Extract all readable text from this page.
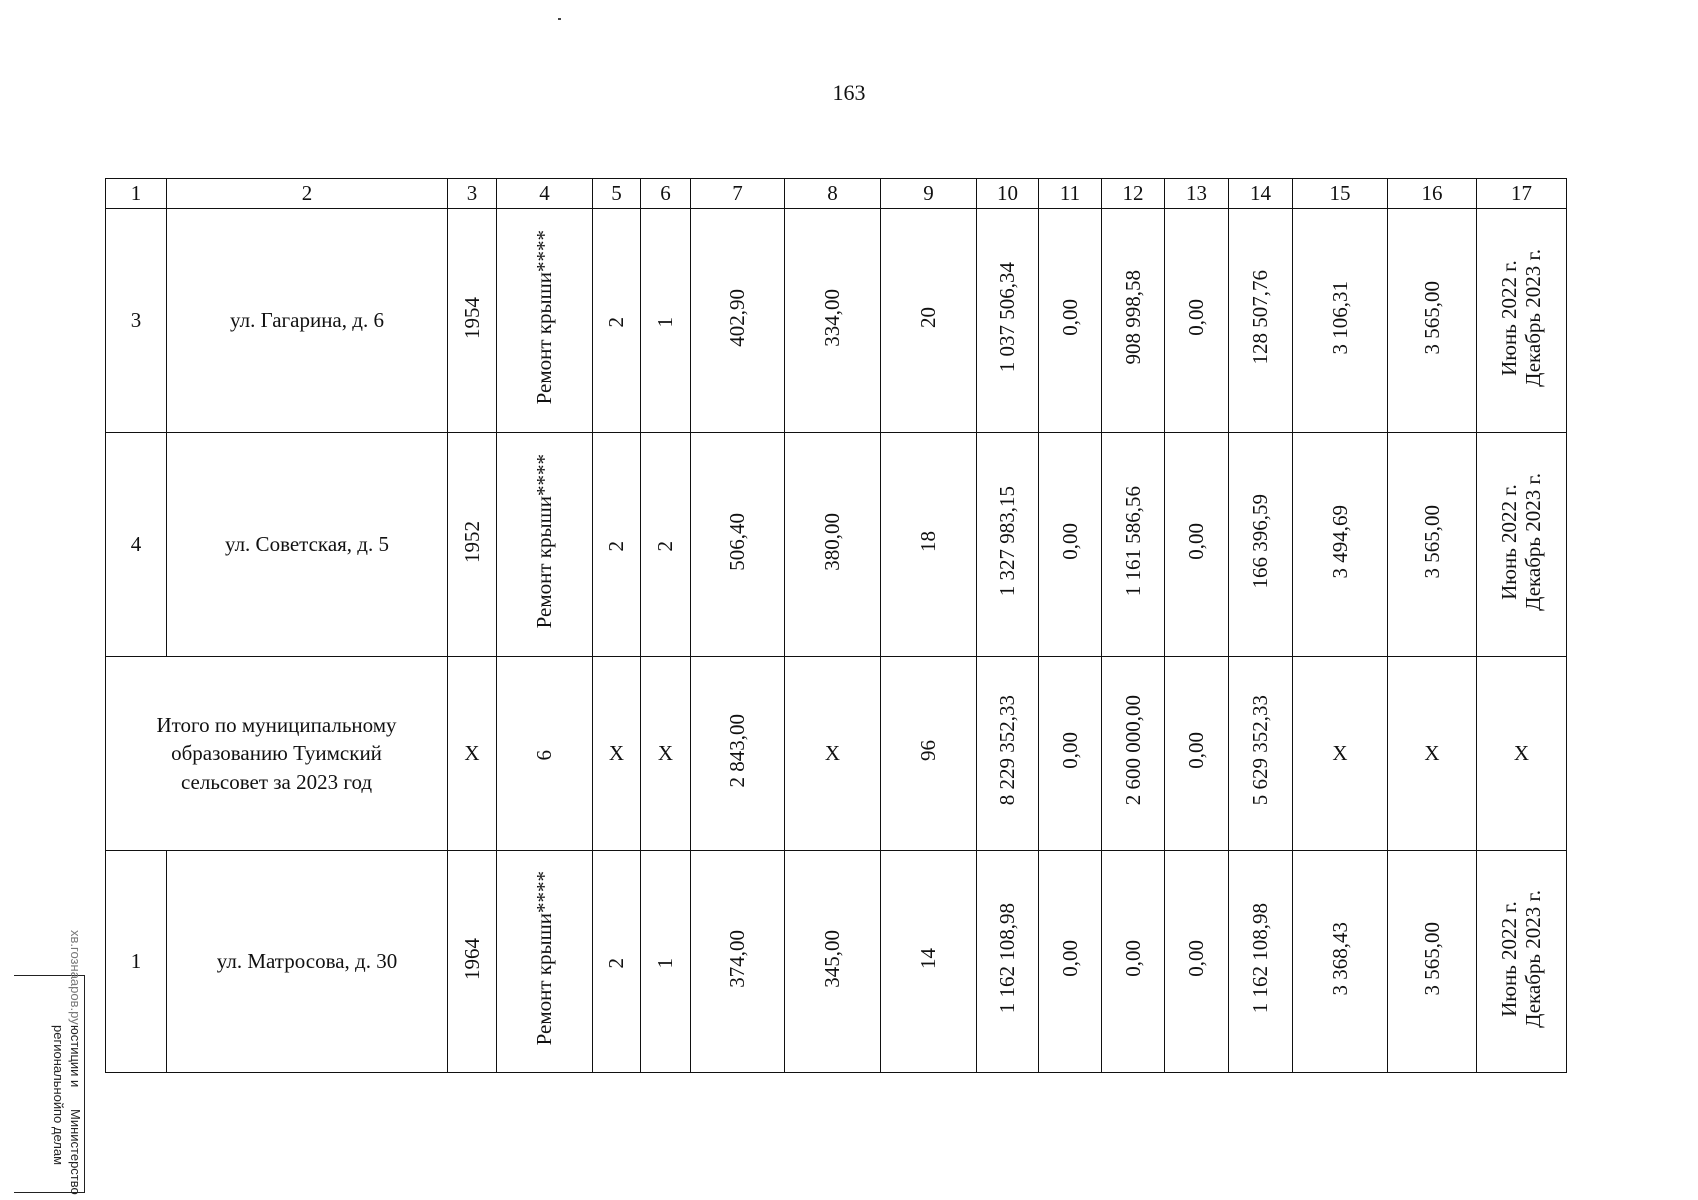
163
1	2	3	4	5	6	7	8	9	10	11	12	13	14	15	16	17
3	ул. Гагарина, д. 6	1954	Ремонт крыши****	2	1	402,90	334,00	20	1 037 506,34	0,00	908 998,58	0,00	128 507,76	3 106,31	3 565,00	Июнь 2022 г.
Декабрь 2023 г.
4	ул. Советская, д. 5	1952	Ремонт крыши****	2	2	506,40	380,00	18	1 327 983,15	0,00	1 161 586,56	0,00	166 396,59	3 494,69	3 565,00	Июнь 2022 г.
Декабрь 2023 г.
Итого по муниципальному
образованию Туимский
сельсовет за 2023 год		X	6	X	X	2 843,00	X	96	8 229 352,33	0,00	2 600 000,00	0,00	5 629 352,33	X	X	X
1	ул. Матросова, д. 30	1964	Ремонт крыши****	2	1	374,00	345,00	14	1 162 108,98	0,00	0,00	0,00	1 162 108,98	3 368,43	3 565,00	Июнь 2022 г.
Декабрь 2023 г.
Министерство по делам
юстиции и региональной
хв.гознааров.ру
